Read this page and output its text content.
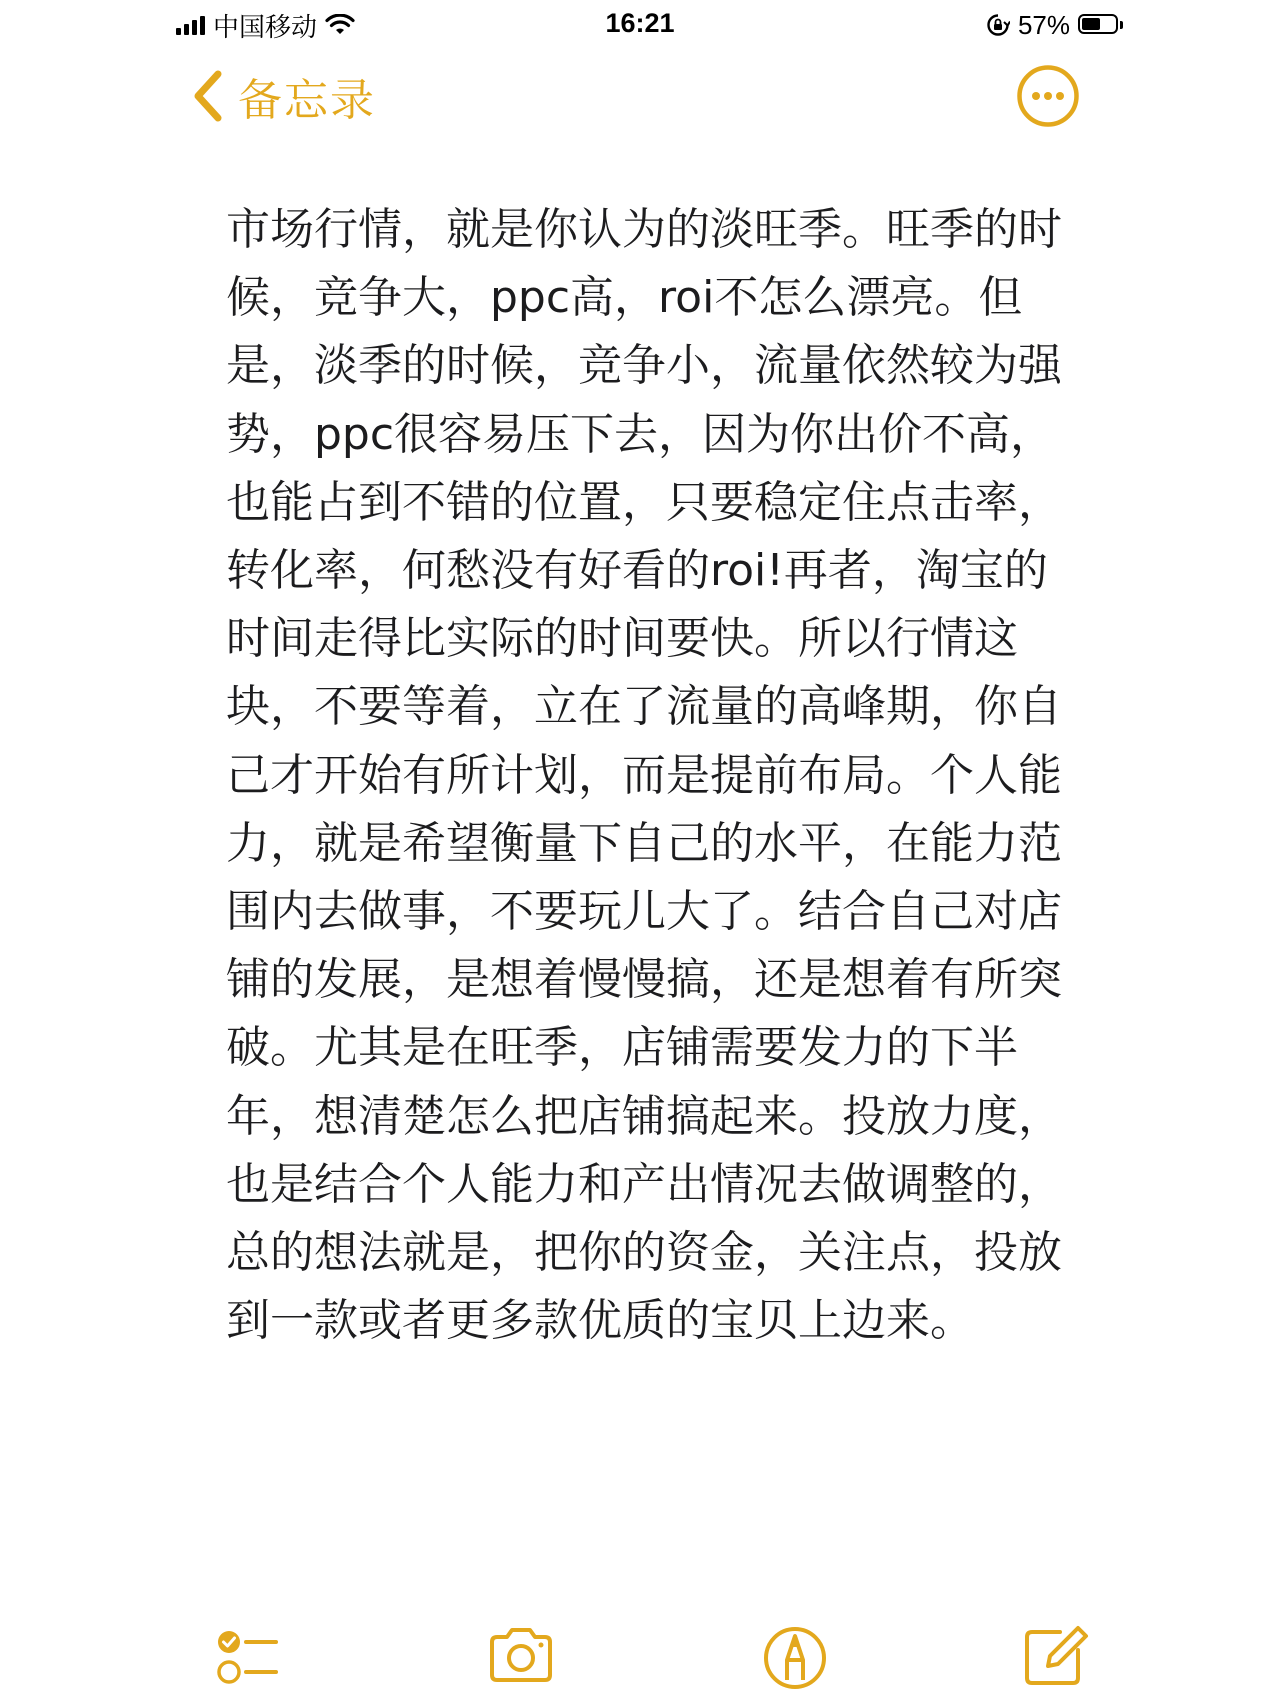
中国移动	16:21	57%
备忘录
市场行情，就是你认为的淡旺季。旺季的时候，竞争大，ppc高，roi不怎么漂亮。但是，淡季的时候，竞争小，流量依然较为强势，ppc很容易压下去，因为你出价不高，也能占到不错的位置，只要稳定住点击率，转化率，何愁没有好看的roi!再者，淘宝的时间走得比实际的时间要快。所以行情这块，不要等着，立在了流量的高峰期，你自己才开始有所计划，而是提前布局。个人能力，就是希望衡量下自己的水平，在能力范围内去做事，不要玩儿大了。结合自己对店铺的发展，是想着慢慢搞，还是想着有所突破。尤其是在旺季，店铺需要发力的下半年，想清楚怎么把店铺搞起来。投放力度，也是结合个人能力和产出情况去做调整的，总的想法就是，把你的资金，关注点，投放到一款或者更多款优质的宝贝上边来。
